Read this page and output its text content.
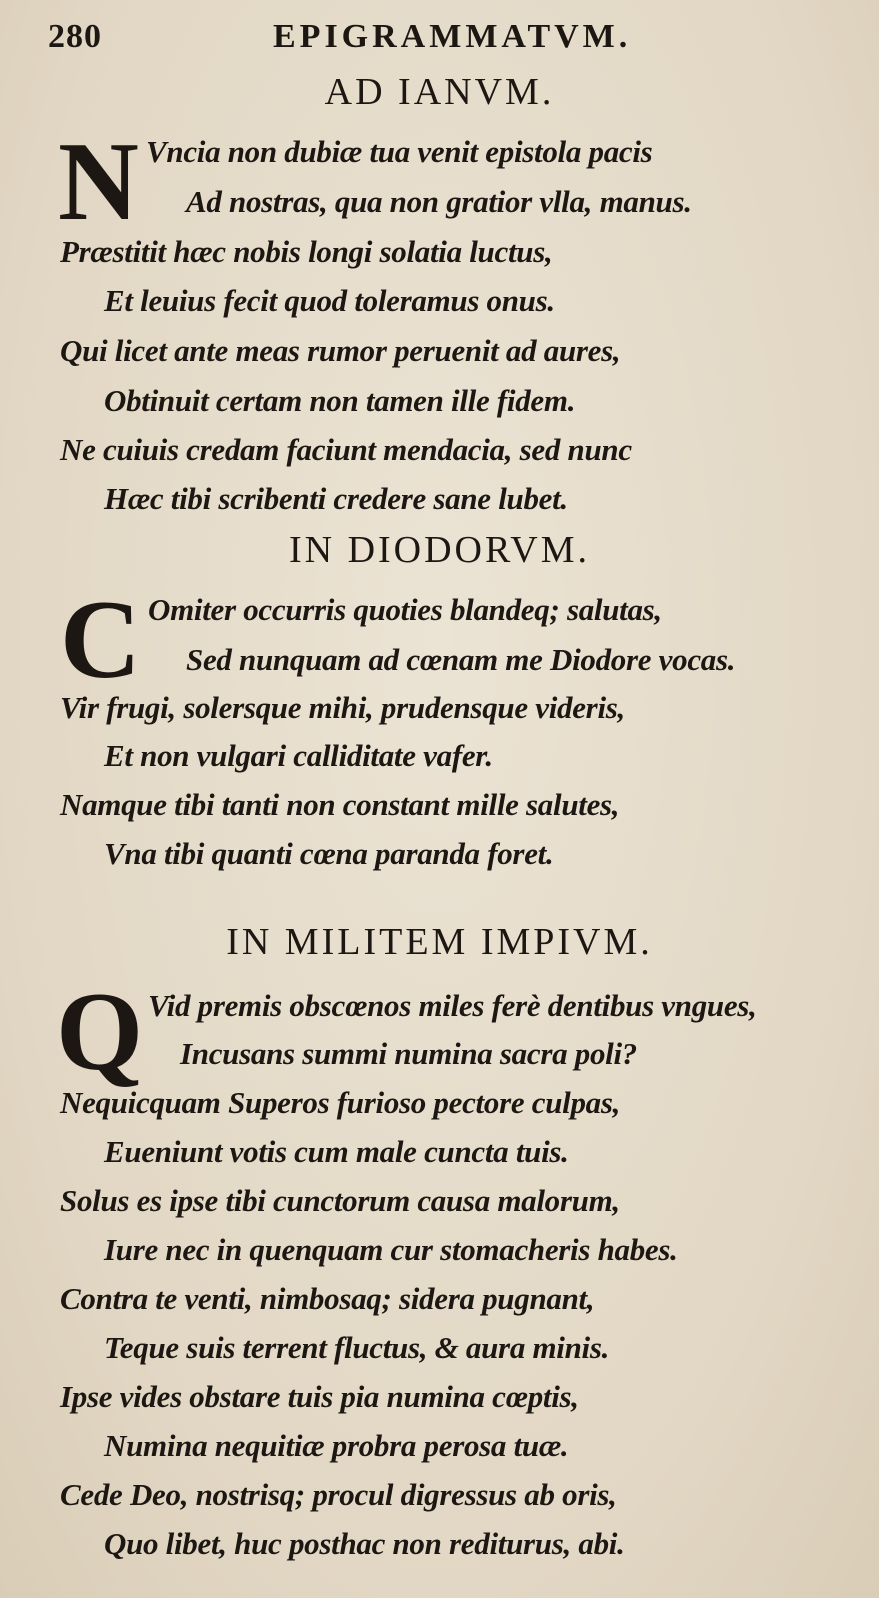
280	EPIGRAMMATVM.
AD IANVM.
N Vncia non dubiæ tua venit epistola pacis
Ad nostras, qua non gratior vlla, manus.
Præstitit hæc nobis longi solatia luctus,
Et leuius fecit quod toleramus onus.
Qui licet ante meas rumor peruenit ad aures,
Obtinuit certam non tamen ille fidem.
Ne cuiuis credam faciunt mendacia, sed nunc
Hæc tibi scribenti credere sane lubet.
IN DIODORVM.
C Omiter occurris quoties blandeq; salutas,
Sed nunquam ad cœnam me Diodore vocas.
Vir frugi, solersque mihi, prudensque videris,
Et non vulgari calliditate vafer.
Namque tibi tanti non constant mille salutes,
Vna tibi quanti cœna paranda foret.
IN MILITEM IMPIVM.
Q Vid premis obscœnos miles ferè dentibus vngues,
Incusans summi numina sacra poli?
Nequicquam Superos furioso pectore culpas,
Eueniunt votis cum male cuncta tuis.
Solus es ipse tibi cunctorum causa malorum,
Iure nec in quenquam cur stomacheris habes.
Contra te venti, nimbosaq; sidera pugnant,
Teque suis terrent fluctus, & aura minis.
Ipse vides obstare tuis pia numina cœptis,
Numina nequitiæ probra perosa tuæ.
Cede Deo, nostrisq; procul digressus ab oris,
Quo libet, huc posthac non rediturus, abi.
